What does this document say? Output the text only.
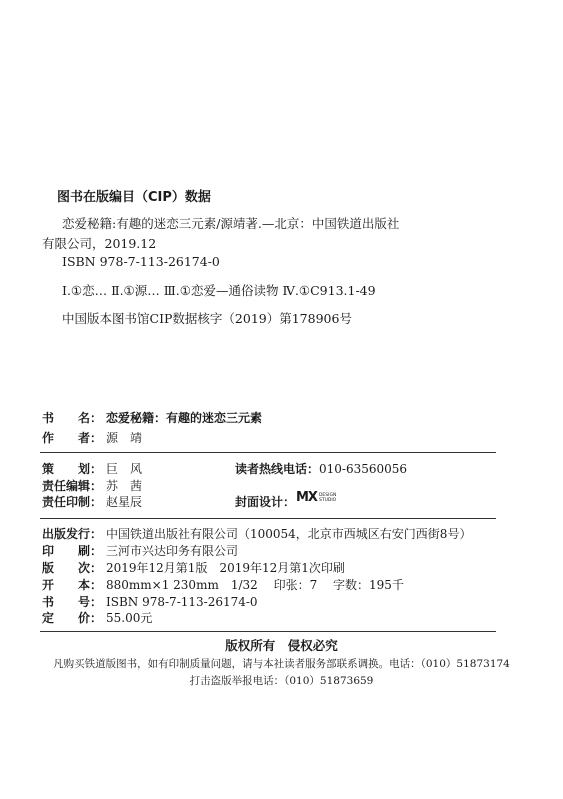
图书在版编目（CIP）数据
恋爱秘籍:有趣的迷恋三元素/源靖著.—北京：中国铁道出版社
有限公司，2019.12
ISBN 978-7-113-26174-0
Ⅰ.①恋… Ⅱ.①源… Ⅲ.①恋爱—通俗读物 Ⅳ.①C913.1-49
中国版本图书馆CIP数据核字（2019）第178906号
书　　名： 恋爱秘籍：有趣的迷恋三元素
作　　者： 源　靖
策　　划： 巨　风	读者热线电话：010-63560056
责任编辑： 苏　茜
责任印制： 赵星辰	封面设计： MX DESIGN
STUDIO
出版发行： 中国铁道出版社有限公司（100054，北京市西城区右安门西街8号）
印　　刷： 三河市兴达印务有限公司
版　　次： 2019年12月第1版　2019年12月第1次印刷
开　　本： 880mm×1 230mm　1/32　 印张：7　 字数：195千
书　　号： ISBN 978-7-113-26174-0
定　　价： 55.00元
版权所有　侵权必究
凡购买铁道版图书，如有印制质量问题，请与本社读者服务部联系调换。电话：（010）51873174
打击盗版举报电话：（010）51873659
